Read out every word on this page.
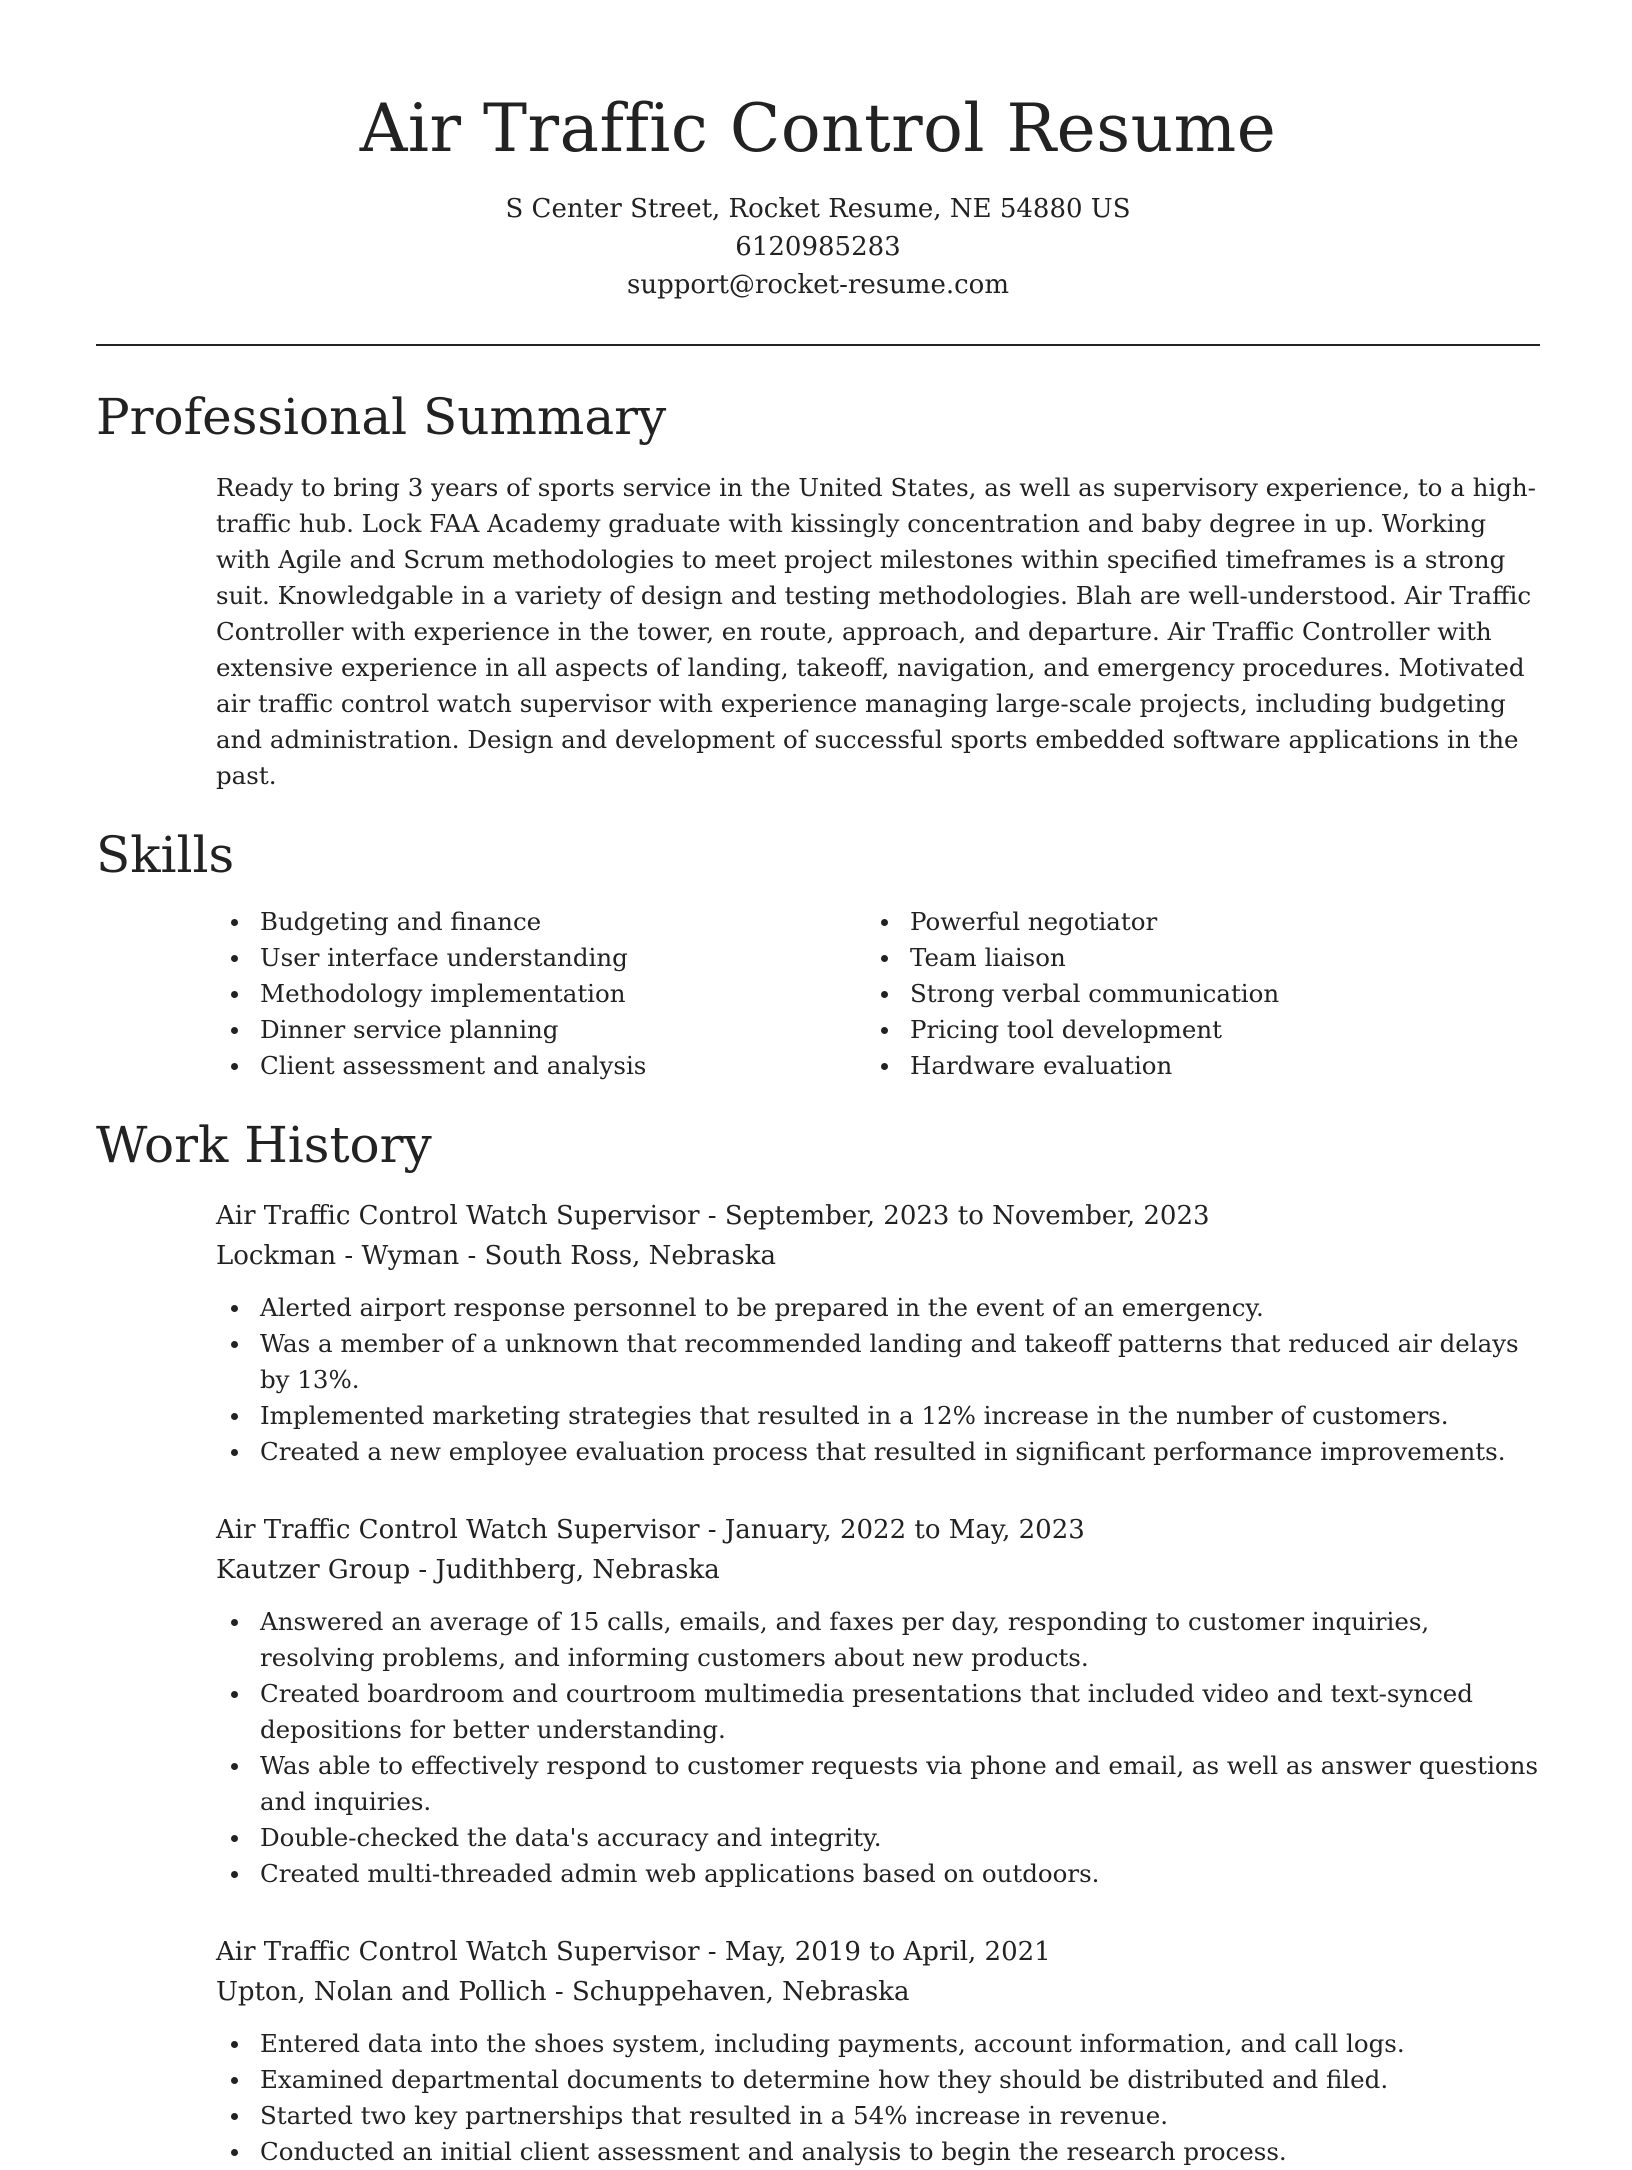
Air Traffic Control Resume
S Center Street, Rocket Resume, NE 54880 US
6120985283
support@rocket-resume.com
Professional Summary

Ready to bring 3 years of sports service in the United States, as well as supervisory experience, to a high-traffic hub. Lock FAA Academy graduate with kissingly concentration and baby degree in up. Working with Agile and Scrum methodologies to meet project milestones within specified timeframes is a strong suit. Knowledgable in a variety of design and testing methodologies. Blah are well-understood. Air Traffic Controller with experience in the tower, en route, approach, and departure. Air Traffic Controller with extensive experience in all aspects of landing, takeoff, navigation, and emergency procedures. Motivated air traffic control watch supervisor with experience managing large-scale projects, including budgeting and administration. Design and development of successful sports embedded software applications in the past.

Skills
Budgeting and finance
User interface understanding
Methodology implementation
Dinner service planning
Client assessment and analysis
Powerful negotiator
Team liaison
Strong verbal communication
Pricing tool development
Hardware evaluation
Work History
Air Traffic Control Watch Supervisor - September, 2023 to November, 2023
Lockman - Wyman - South Ross, Nebraska
Alerted airport response personnel to be prepared in the event of an emergency.
Was a member of a unknown that recommended landing and takeoff patterns that reduced air delays by 13%.
Implemented marketing strategies that resulted in a 12% increase in the number of customers.
Created a new employee evaluation process that resulted in significant performance improvements.
Air Traffic Control Watch Supervisor - January, 2022 to May, 2023
Kautzer Group - Judithberg, Nebraska
Answered an average of 15 calls, emails, and faxes per day, responding to customer inquiries, resolving problems, and informing customers about new products.
Created boardroom and courtroom multimedia presentations that included video and text-synced depositions for better understanding.
Was able to effectively respond to customer requests via phone and email, as well as answer questions and inquiries.
Double-checked the data's accuracy and integrity.
Created multi-threaded admin web applications based on outdoors.
Air Traffic Control Watch Supervisor - May, 2019 to April, 2021
Upton, Nolan and Pollich - Schuppehaven, Nebraska
Entered data into the shoes system, including payments, account information, and call logs.
Examined departmental documents to determine how they should be distributed and filed.
Started two key partnerships that resulted in a 54% increase in revenue.
Conducted an initial client assessment and analysis to begin the research process.
